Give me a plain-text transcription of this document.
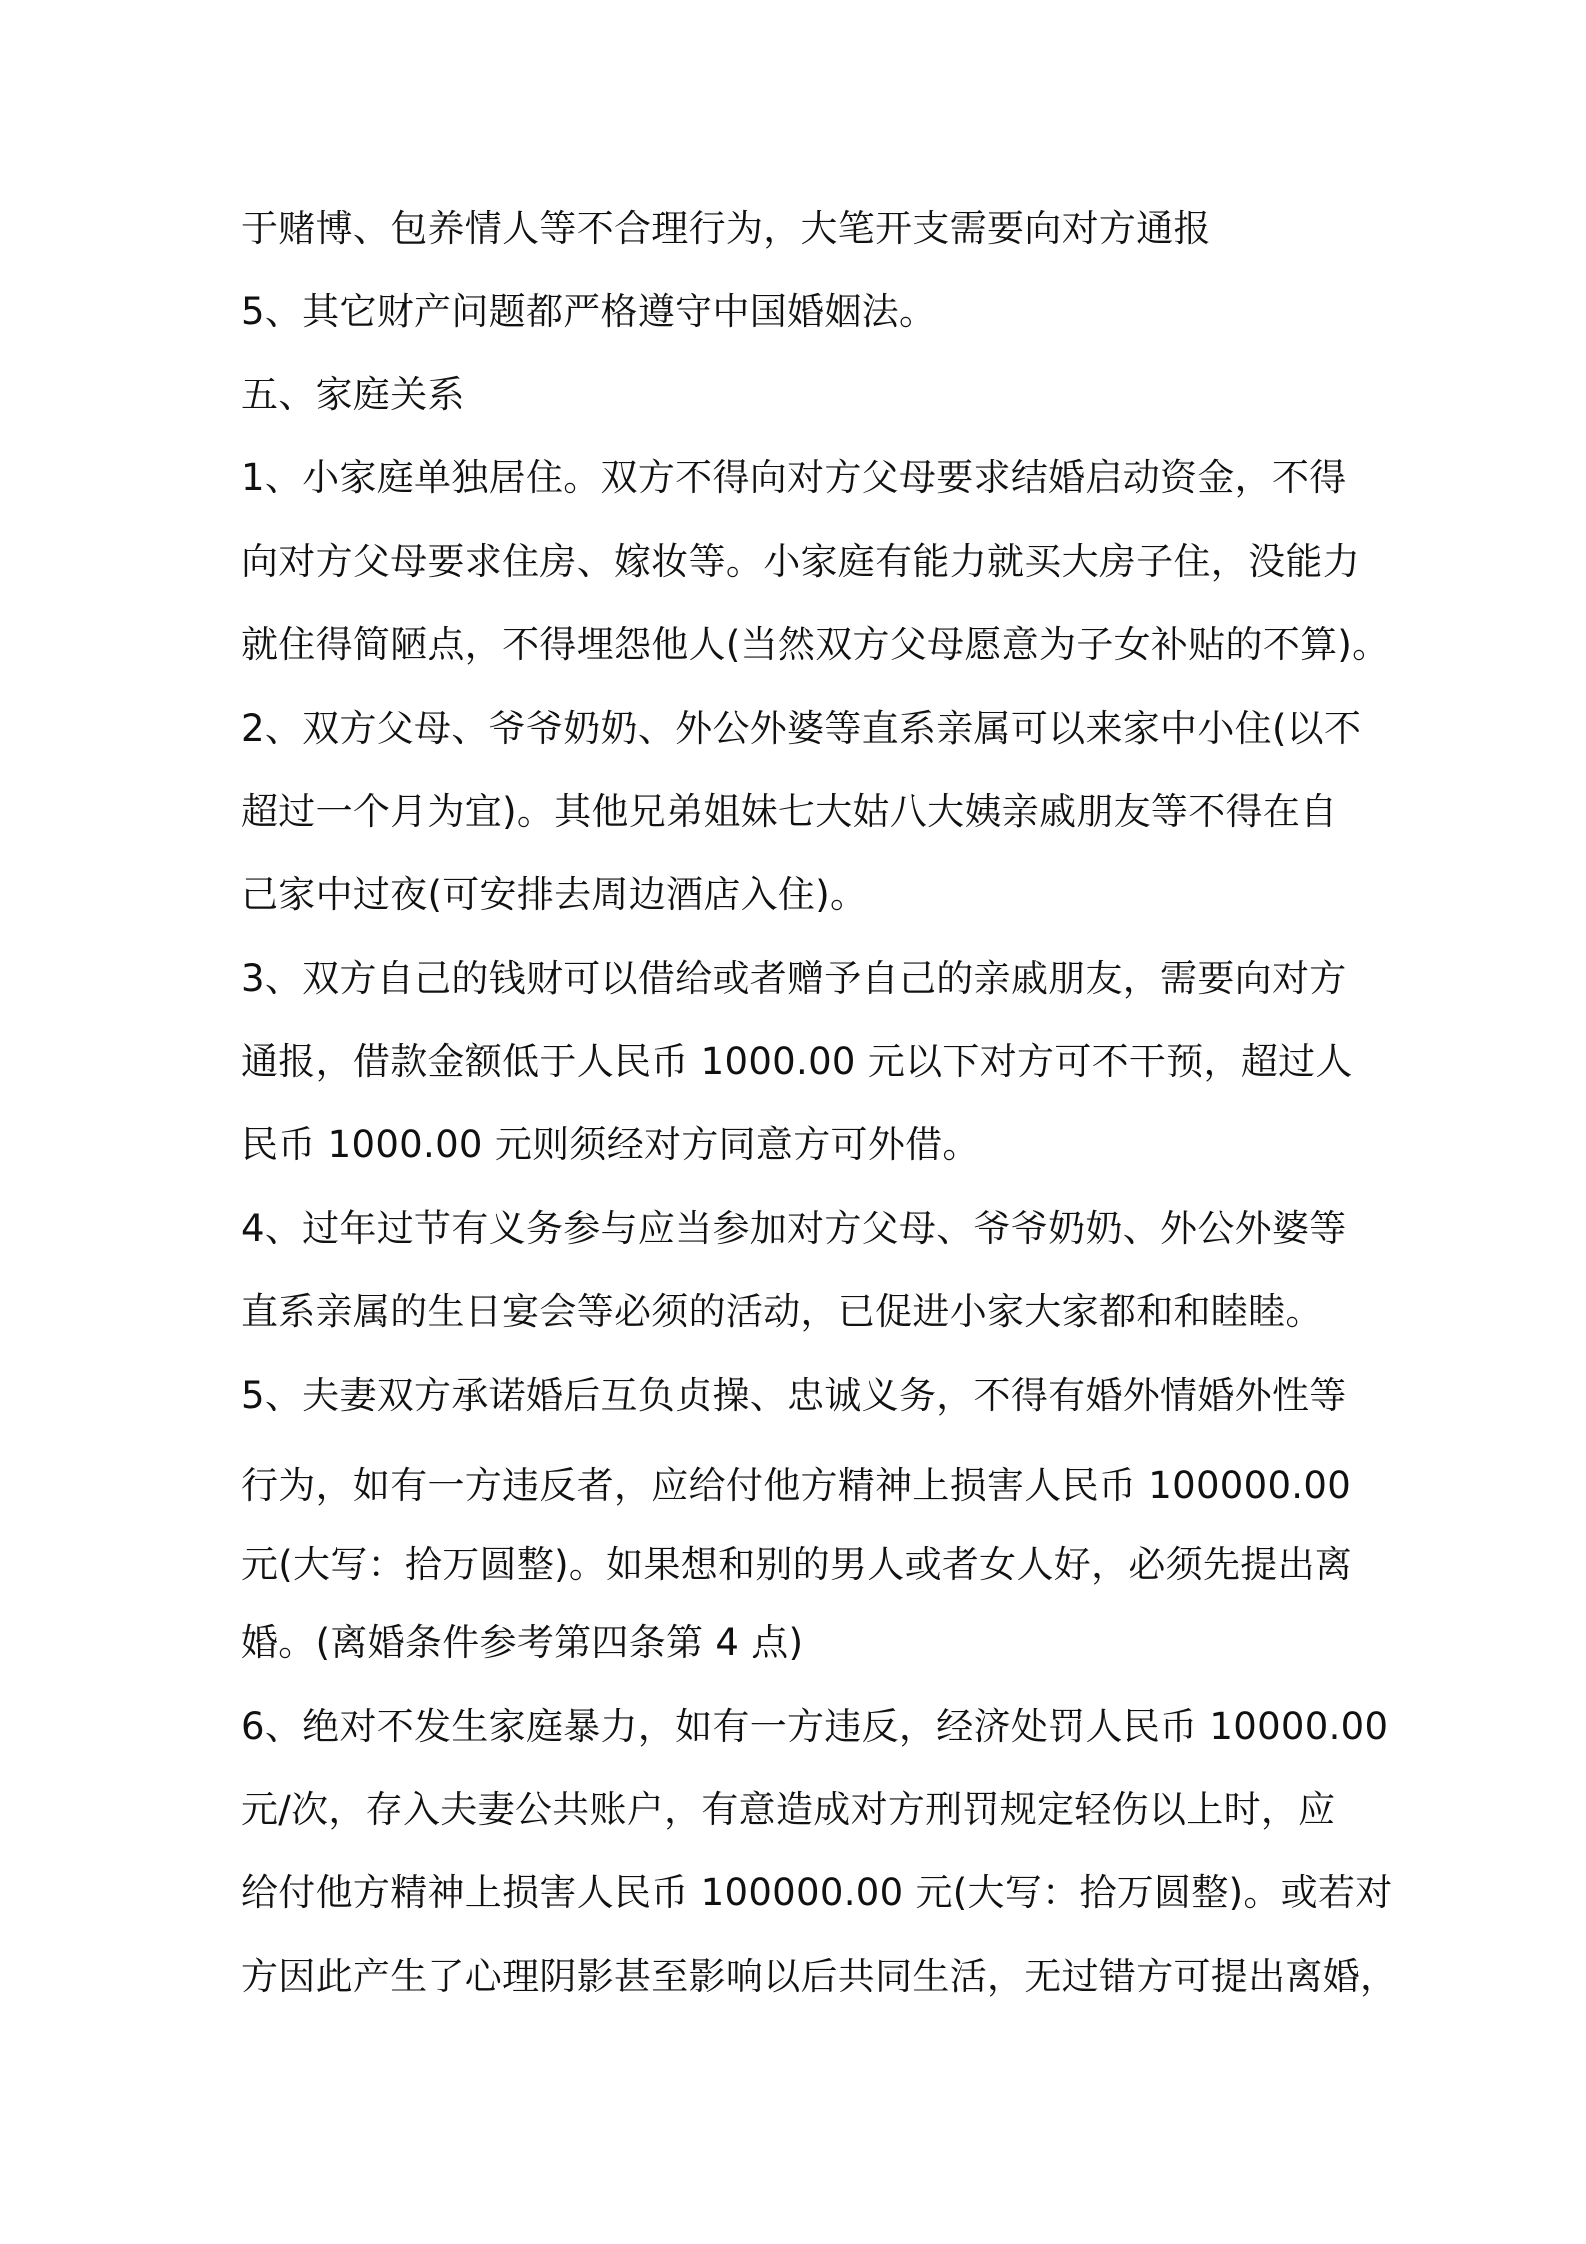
于赌博、包养情人等不合理行为，大笔开支需要向对方通报
5、其它财产问题都严格遵守中国婚姻法。
五、家庭关系
1、小家庭单独居住。双方不得向对方父母要求结婚启动资金，不得
向对方父母要求住房、嫁妆等。小家庭有能力就买大房子住，没能力
就住得简陋点，不得埋怨他人(当然双方父母愿意为子女补贴的不算)。
2、双方父母、爷爷奶奶、外公外婆等直系亲属可以来家中小住(以不
超过一个月为宜)。其他兄弟姐妹七大姑八大姨亲戚朋友等不得在自
己家中过夜(可安排去周边酒店入住)。
3、双方自己的钱财可以借给或者赠予自己的亲戚朋友，需要向对方
通报，借款金额低于人民币 1000.00 元以下对方可不干预，超过人
民币 1000.00 元则须经对方同意方可外借。
4、过年过节有义务参与应当参加对方父母、爷爷奶奶、外公外婆等
直系亲属的生日宴会等必须的活动，已促进小家大家都和和睦睦。
5、夫妻双方承诺婚后互负贞操、忠诚义务，不得有婚外情婚外性等
行为，如有一方违反者，应给付他方精神上损害人民币 100000.00
元(大写：拾万圆整)。如果想和别的男人或者女人好，必须先提出离
婚。(离婚条件参考第四条第 4 点)
6、绝对不发生家庭暴力，如有一方违反，经济处罚人民币 10000.00
元/次，存入夫妻公共账户，有意造成对方刑罚规定轻伤以上时，应
给付他方精神上损害人民币 100000.00 元(大写：拾万圆整)。或若对
方因此产生了心理阴影甚至影响以后共同生活，无过错方可提出离婚，
